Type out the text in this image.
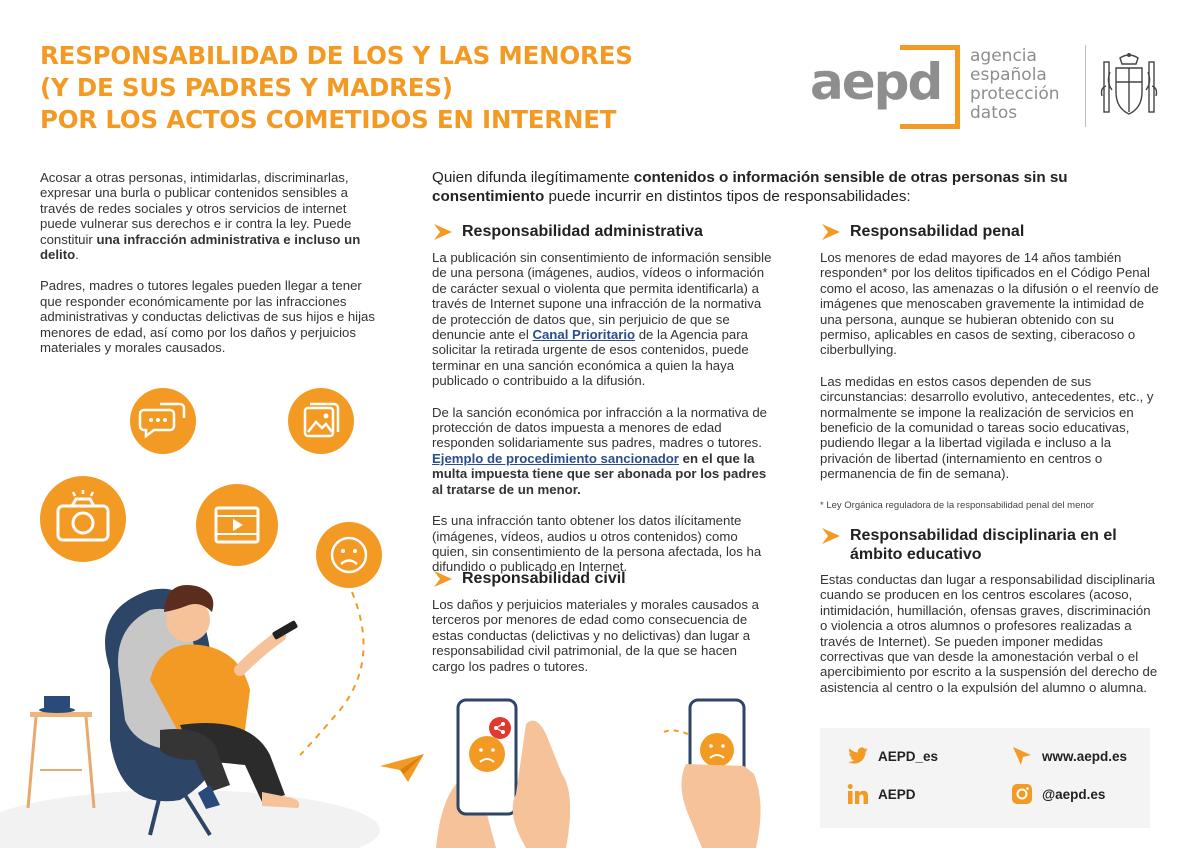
RESPONSABILIDAD DE LOS Y LAS MENORES
(Y DE SUS PADRES Y MADRES)
POR LOS ACTOS COMETIDOS EN INTERNET
aepd agencia
española
protección
datos

Acosar a otras personas, intimidarlas, discriminarlas, expresar una burla o publicar contenidos sensibles a través de redes sociales y otros servicios de internet puede vulnerar sus derechos e ir contra la ley. Puede constituir una infracción administrativa e incluso un delito.

Padres, madres o tutores legales pueden llegar a tener que responder económicamente por las infracciones administrativas y conductas delictivas de sus hijos e hijas menores de edad, así como por los daños y perjuicios materiales y morales causados.

Quien difunda ilegítimamente contenidos o información sensible de otras personas sin su consentimiento puede incurrir en distintos tipos de responsabilidades:
Responsabilidad administrativa

La publicación sin consentimiento de información sensible de una persona (imágenes, audios, vídeos o información de carácter sexual o violenta que permita identificarla) a través de Internet supone una infracción de la normativa de protección de datos que, sin perjuicio de que se denuncie ante el Canal Prioritario de la Agencia para solicitar la retirada urgente de esos contenidos, puede terminar en una sanción económica a quien la haya publicado o contribuido a la difusión.

De la sanción económica por infracción a la normativa de protección de datos impuesta a menores de edad responden solidariamente sus padres, madres o tutores. Ejemplo de procedimiento sancionador en el que la multa impuesta tiene que ser abonada por los padres al tratarse de un menor.

Es una infracción tanto obtener los datos ilícitamente (imágenes, vídeos, audios u otros contenidos) como quien, sin consentimiento de la persona afectada, los ha difundido o publicado en Internet.

Responsabilidad civil

Los daños y perjuicios materiales y morales causados a terceros por menores de edad como consecuencia de estas conductas (delictivas y no delictivas) dan lugar a responsabilidad civil patrimonial, de la que se hacen cargo los padres o tutores.

Responsabilidad penal

Los menores de edad mayores de 14 años también responden* por los delitos tipificados en el Código Penal como el acoso, las amenazas o la difusión o el reenvío de imágenes que menoscaben gravemente la intimidad de una persona, aunque se hubieran obtenido con su permiso, aplicables en casos de sexting, ciberacoso o ciberbullying.

Las medidas en estos casos dependen de sus circunstancias: desarrollo evolutivo, antecedentes, etc., y normalmente se impone la realización de servicios en beneficio de la comunidad o tareas socio educativas, pudiendo llegar a la libertad vigilada e incluso a la privación de libertad (internamiento en centros o permanencia de fin de semana).

* Ley Orgánica reguladora de la responsabilidad penal del menor

Responsabilidad disciplinaria en el ámbito educativo

Estas conductas dan lugar a responsabilidad disciplinaria cuando se producen en los centros escolares (acoso, intimidación, humillación, ofensas graves, discriminación o violencia a otros alumnos o profesores realizadas a través de Internet). Se pueden imponer medidas correctivas que van desde la amonestación verbal o el apercibimiento por escrito a la suspensión del derecho de asistencia al centro o la expulsión del alumno o alumna.

AEPD_es	www.aepd.es
AEPD	@aepd.es
